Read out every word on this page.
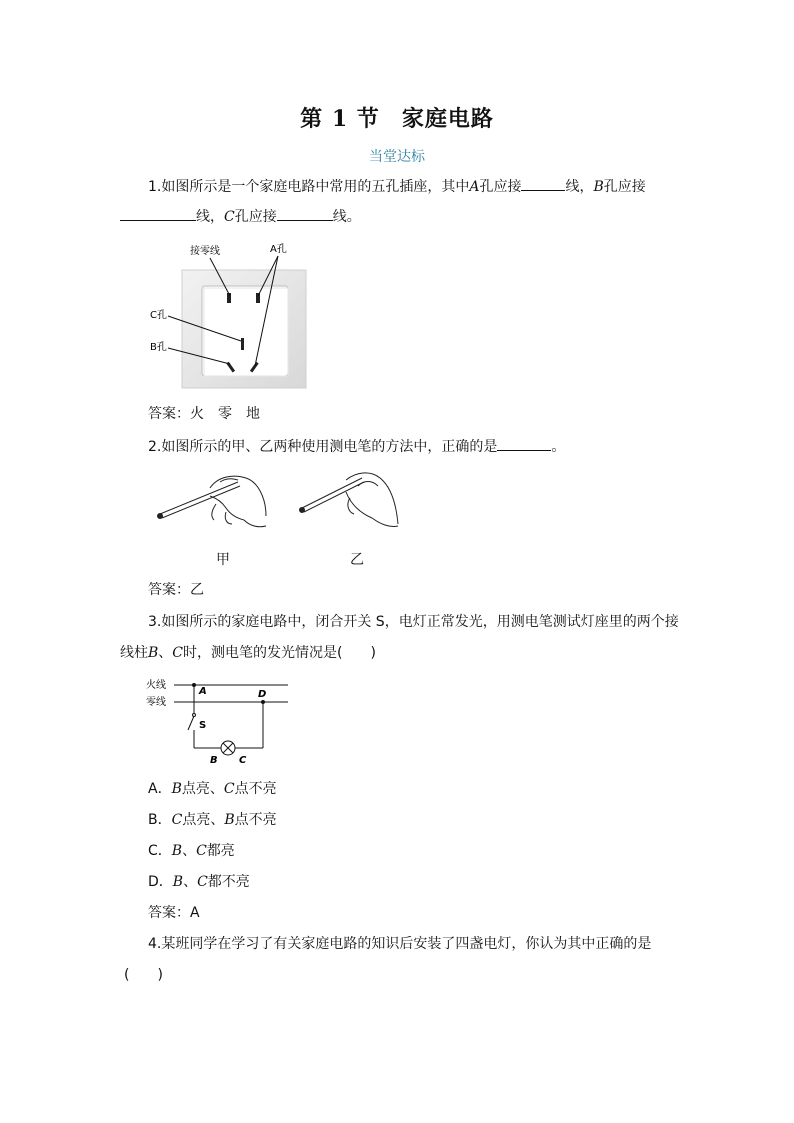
第 1 节 家庭电路
当堂达标
1.如图所示是一个家庭电路中常用的五孔插座，其中A孔应接	线，B孔应接
线，C孔应接	线。
接零线	A孔
C孔
B孔
答案：火　零　地
2.如图所示的甲、乙两种使用测电笔的方法中，正确的是	。
甲	乙
答案：乙
3.如图所示的家庭电路中，闭合开关 S，电灯正常发光，用测电笔测试灯座里的两个接
线柱B、C时，测电笔的发光情况是(　　)
火线
零线
A	D
S
B C
A．B点亮、C点不亮
B．C点亮、B点不亮
C．B、C都亮
D．B、C都不亮
答案：A
4.某班同学在学习了有关家庭电路的知识后安装了四盏电灯，你认为其中正确的是
(　　)
